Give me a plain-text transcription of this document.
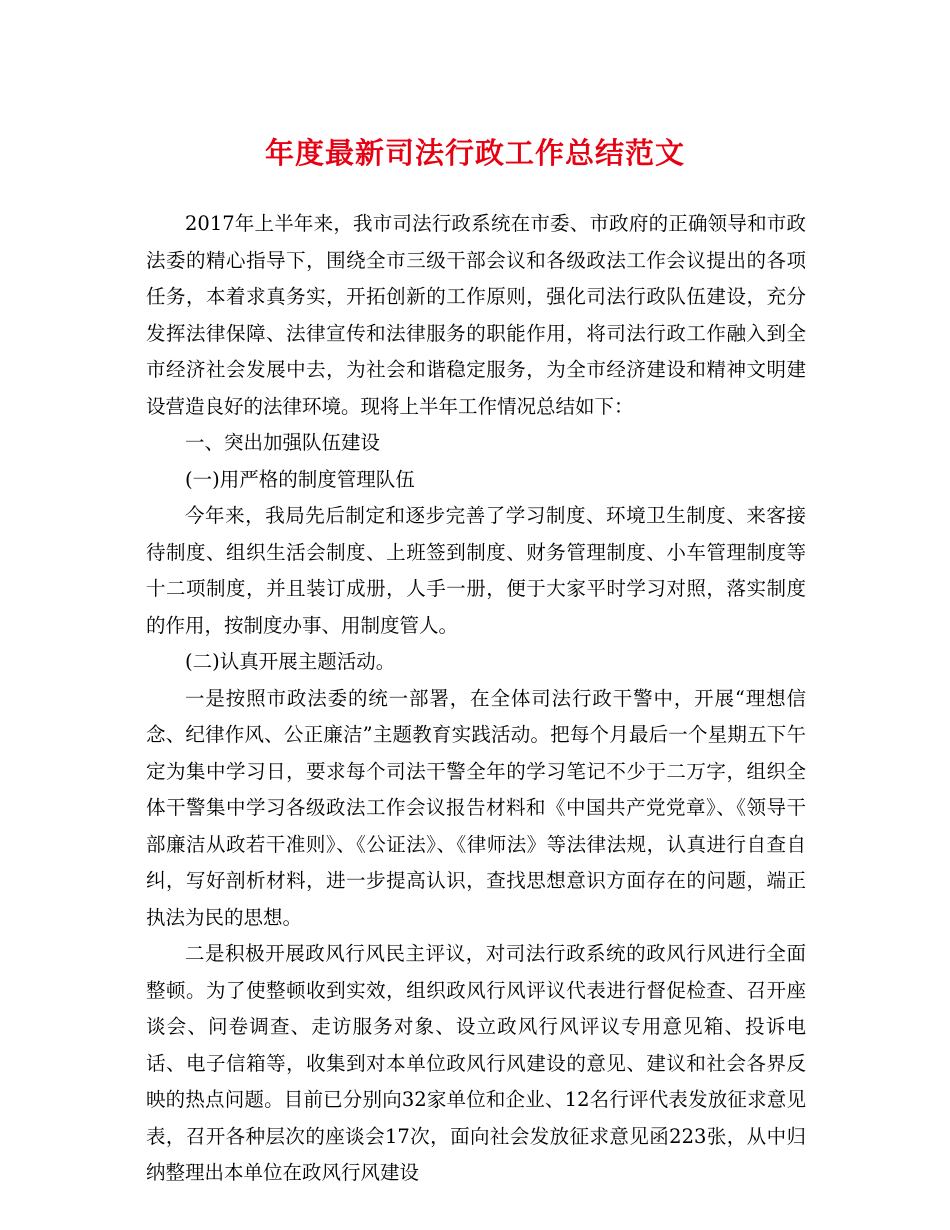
年度最新司法行政工作总结范文

2017年上半年来，我市司法行政系统在市委、市政府的正确领导和市政法委的精心指导下，围绕全市三级干部会议和各级政法工作会议提出的各项任务，本着求真务实，开拓创新的工作原则，强化司法行政队伍建设，充分发挥法律保障、法律宣传和法律服务的职能作用，将司法行政工作融入到全市经济社会发展中去，为社会和谐稳定服务，为全市经济建设和精神文明建设营造良好的法律环境。现将上半年工作情况总结如下：

一、突出加强队伍建设

(一)用严格的制度管理队伍

今年来，我局先后制定和逐步完善了学习制度、环境卫生制度、来客接待制度、组织生活会制度、上班签到制度、财务管理制度、小车管理制度等十二项制度，并且装订成册，人手一册，便于大家平时学习对照，落实制度的作用，按制度办事、用制度管人。

(二)认真开展主题活动。

一是按照市政法委的统一部署，在全体司法行政干警中，开展“理想信念、纪律作风、公正廉洁”主题教育实践活动。把每个月最后一个星期五下午定为集中学习日，要求每个司法干警全年的学习笔记不少于二万字，组织全体干警集中学习各级政法工作会议报告材料和《中国共产党党章》、《领导干部廉洁从政若干准则》、《公证法》、《律师法》等法律法规，认真进行自查自纠，写好剖析材料，进一步提高认识，查找思想意识方面存在的问题，端正执法为民的思想。

二是积极开展政风行风民主评议，对司法行政系统的政风行风进行全面整顿。为了使整顿收到实效，组织政风行风评议代表进行督促检查、召开座谈会、问卷调查、走访服务对象、设立政风行风评议专用意见箱、投诉电话、电子信箱等，收集到对本单位政风行风建设的意见、建议和社会各界反映的热点问题。目前已分别向32家单位和企业、12名行评代表发放征求意见表，召开各种层次的座谈会17次，面向社会发放征求意见函223张，从中归纳整理出本单位在政风行风建设
